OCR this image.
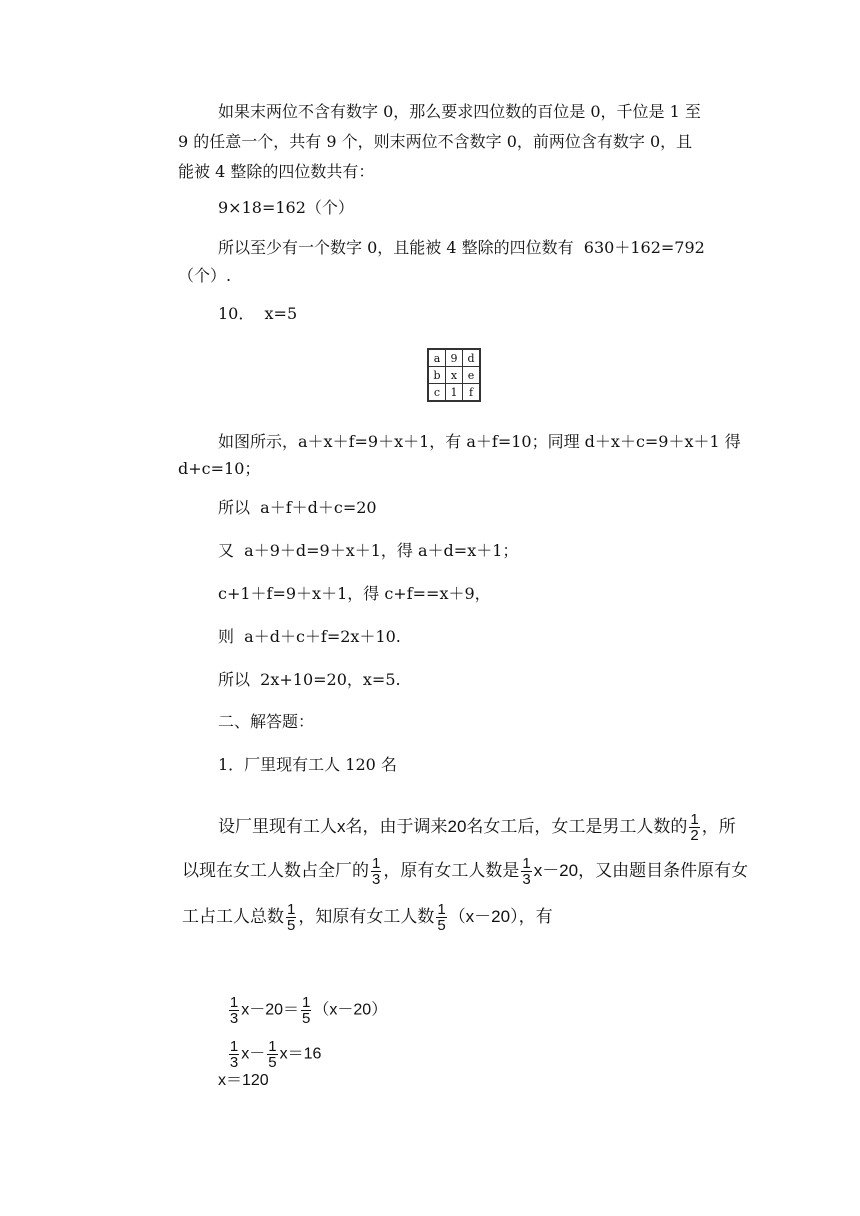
如果末两位不含有数字 0，那么要求四位数的百位是 0，千位是 1 至
9 的任意一个，共有 9 个，则末两位不含数字 0，前两位含有数字 0，且
能被 4 整除的四位数共有：
9×18=162（个）
所以至少有一个数字 0，且能被 4 整除的四位数有  630＋162=792
（个）.
10．  x=5
a	9	d
b	x	e
c	1	f
如图所示，a＋x＋f=9＋x＋1，有 a＋f=10；同理 d＋x＋c=9＋x＋1 得
d+c=10；
所以  a＋f＋d＋c=20
又  a＋9＋d=9＋x＋1，得 a＋d=x＋1；
c+1＋f=9＋x＋1，得 c+f==x＋9，
则  a＋d＋c＋f=2x＋10.
所以  2x+10=20，x=5.
二、解答题：
1．厂里现有工人 120 名
设厂里现有工人x名，由于调来20名女工后，女工是男工人数的 $\frac{1}{2}$ ，所
以现在女工人数占全厂的 $\frac{1}{3}$ ，原有女工人数是 $\frac{1}{3} x-20$，又由题目条件原有女
工占工人总数 $\frac{1}{5}$ ，知原有女工人数 $\frac{1}{5} (x-20)$，有

$\frac{1}{3} x-20= \frac{1}{5} (x-20)$

$\frac{1}{3} x- \frac{1}{5} x=16$

x＝120
